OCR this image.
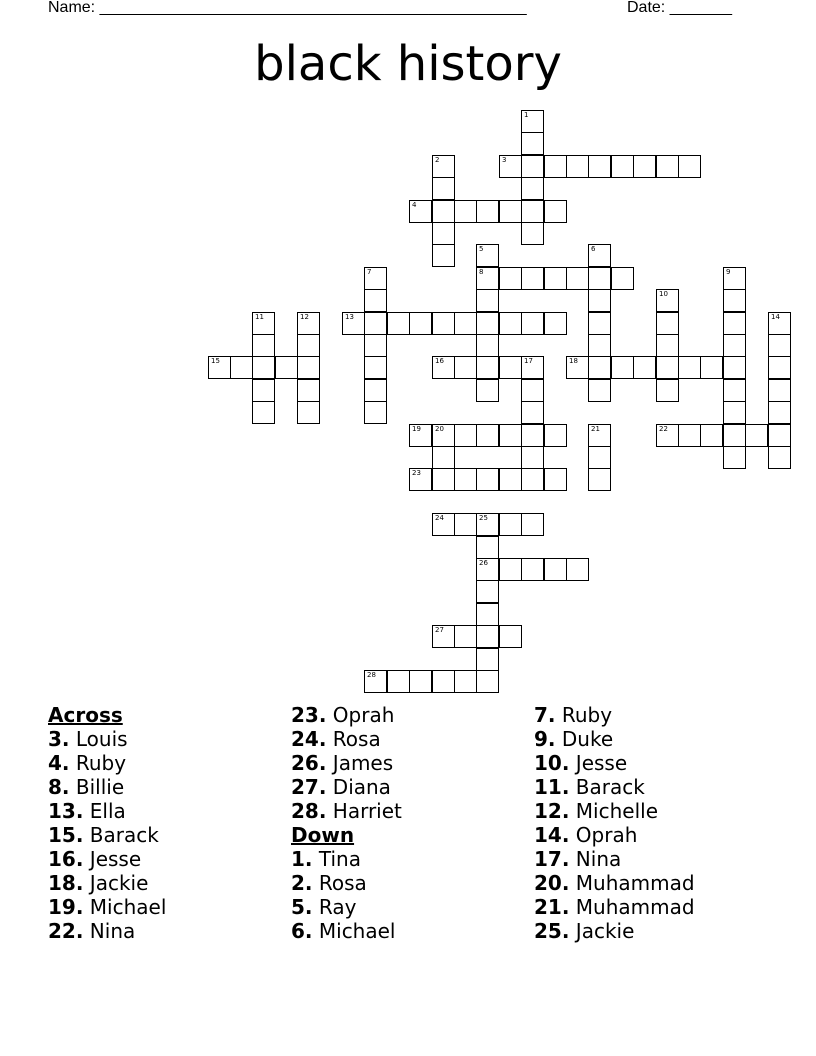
Name: ________________________________________________	Date: _______
black history
1
2	3
4
5
8
6
7	9
10
11	12	13	14
15	16	17	18
19 20	21	22
23
24	25
26
27
28
Across
3. Louis
4. Ruby
8. Billie
13. Ella
15. Barack
16. Jesse
18. Jackie
19. Michael
22. Nina
23. Oprah
24. Rosa
26. James
27. Diana
28. Harriet
Down
1. Tina
2. Rosa
5. Ray
6. Michael
7. Ruby
9. Duke
10. Jesse
11. Barack
12. Michelle
14. Oprah
17. Nina
20. Muhammad
21. Muhammad
25. Jackie
